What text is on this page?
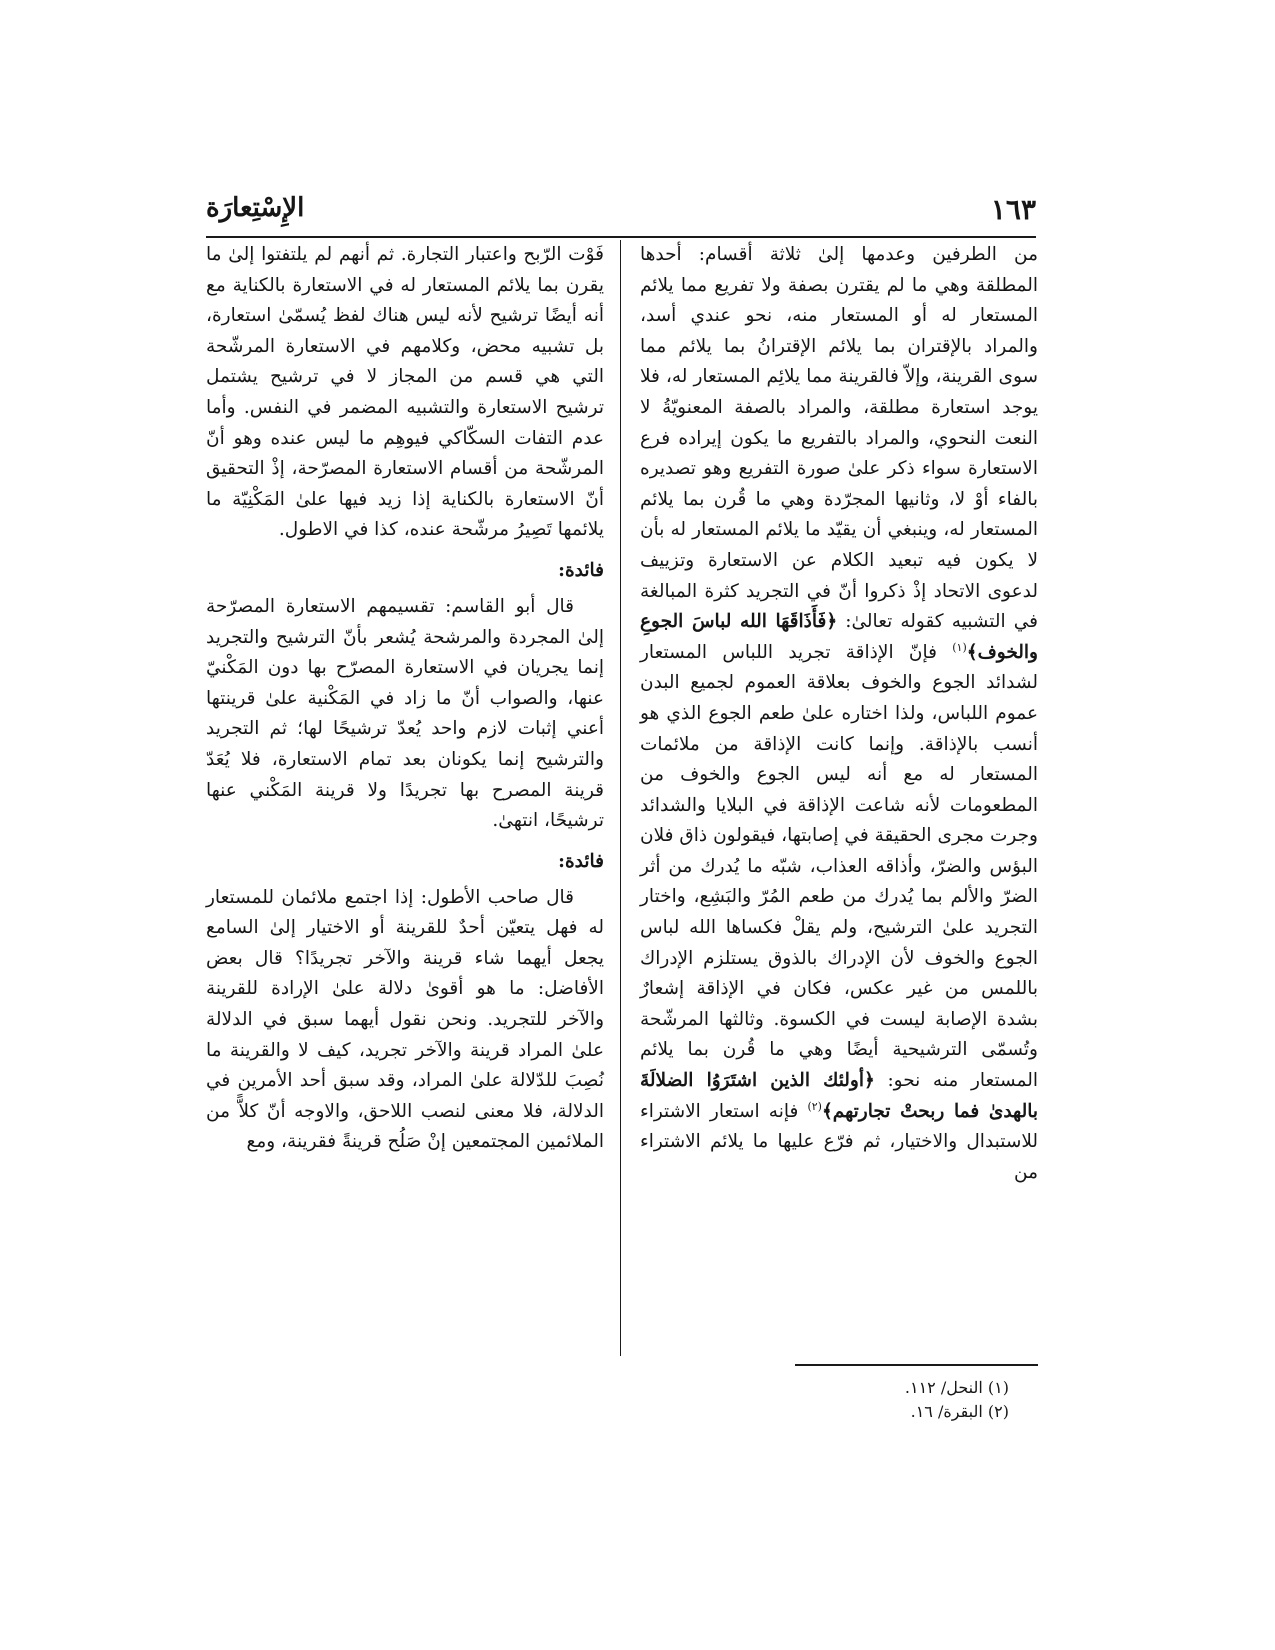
١٦٣
الإِسْتِعارَة

من الطرفين وعدمها إلىٰ ثلاثة أقسام: أحدها المطلقة وهي ما لم يقترن بصفة ولا تفريع مما يلائم المستعار له أو المستعار منه، نحو عندي أسد، والمراد بالإقتران بما يلائم الإقترانُ بما يلائم مما سوى القرينة، وإلاّ فالقرينة مما يلائِم المستعار له، فلا يوجد استعارة مطلقة، والمراد بالصفة المعنويّةُ لا النعت النحوي، والمراد بالتفريع ما يكون إيراده فرع الاستعارة سواء ذكر علىٰ صورة التفريع وهو تصديره بالفاء أوْ لا، وثانيها المجرّدة وهي ما قُرن بما يلائم المستعار له، وينبغي أن يقيّد ما يلائم المستعار له بأن لا يكون فيه تبعيد الكلام عن الاستعارة وتزييف لدعوى الاتحاد إذْ ذكروا أنّ في التجريد كثرة المبالغة في التشبيه كقوله تعالىٰ: ﴿فَأَذَاقَهَا الله لباسَ الجوعِ والخوف﴾$^{(١)}$ فإنّ الإذاقة تجريد اللباس المستعار لشدائد الجوع والخوف بعلاقة العموم لجميع البدن عموم اللباس، ولذا اختاره علىٰ طعم الجوع الذي هو أنسب بالإذاقة. وإنما كانت الإذاقة من ملائمات المستعار له مع أنه ليس الجوع والخوف من المطعومات لأنه شاعت الإذاقة في البلايا والشدائد وجرت مجرى الحقيقة في إصابتها، فيقولون ذاق فلان البؤس والضرّ، وأذاقه العذاب، شبّه ما يُدرك من أثر الضرّ والألم بما يُدرك من طعم المُرّ والبَشِع، واختار التجريد علىٰ الترشيح، ولم يقلْ فكساها الله لباس الجوع والخوف لأن الإدراك بالذوق يستلزم الإدراك باللمس من غير عكس، فكان في الإذاقة إشعارٌ بشدة الإصابة ليست في الكسوة. وثالثها المرشّحة وتُسمّى الترشيحية أيضًا وهي ما قُرن بما يلائم المستعار منه نحو: ﴿أولئك الذين اشتَرَوُا الضلالَةَ بالهدىٰ فما ربحتْ تجارتهم﴾$^{(٢)}$ فإنه استعار الاشتراء للاستبدال والاختيار، ثم فرّع عليها ما يلائم الاشتراء من

فَوْت الرّبح واعتبار التجارة. ثم أنهم لم يلتفتوا إلىٰ ما يقرن بما يلائم المستعار له في الاستعارة بالكناية مع أنه أيضًا ترشيح لأنه ليس هناك لفظ يُسمّىٰ استعارة، بل تشبيه محض، وكلامهم في الاستعارة المرشّحة التي هي قسم من المجاز لا في ترشيح يشتمل ترشيح الاستعارة والتشبيه المضمر في النفس. وأما عدم التفات السكّاكي فيوهِم ما ليس عنده وهو أنّ المرشّحة من أقسام الاستعارة المصرّحة، إذْ التحقيق أنّ الاستعارة بالكناية إذا زيد فيها علىٰ المَكْنِيّة ما يلائمها تَصِيرُ مرشّحة عنده، كذا في الاطول.

فائدة:

قال أبو القاسم: تقسيمهم الاستعارة المصرّحة إلىٰ المجردة والمرشحة يُشعر بأنّ الترشيح والتجريد إنما يجريان في الاستعارة المصرّح بها دون المَكْنيّ عنها، والصواب أنّ ما زاد في المَكْنية علىٰ قرينتها أعني إثبات لازم واحد يُعدّ ترشيحًا لها؛ ثم التجريد والترشيح إنما يكونان بعد تمام الاستعارة، فلا يُعَدّ قرينة المصرح بها تجريدًا ولا قرينة المَكْني عنها ترشيحًا، انتهىٰ.

فائدة:

قال صاحب الأطول: إذا اجتمع ملائمان للمستعار له فهل يتعيّن أحدٌ للقرينة أو الاختيار إلىٰ السامع يجعل أيهما شاء قرينة والآخر تجريدًا؟ قال بعض الأفاضل: ما هو أقوىٰ دلالة علىٰ الإرادة للقرينة والآخر للتجريد. ونحن نقول أيهما سبق في الدلالة علىٰ المراد قرينة والآخر تجريد، كيف لا والقرينة ما نُصِبَ للدّلالة علىٰ المراد، وقد سبق أحد الأمرين في الدلالة، فلا معنى لنصب اللاحق، والاوجه أنّ كلاًّ من الملائمين المجتمعين إنْ صَلُح قرينةً فقرينة، ومع

(١) النحل/ ١١٢.

(٢) البقرة/ ١٦.
